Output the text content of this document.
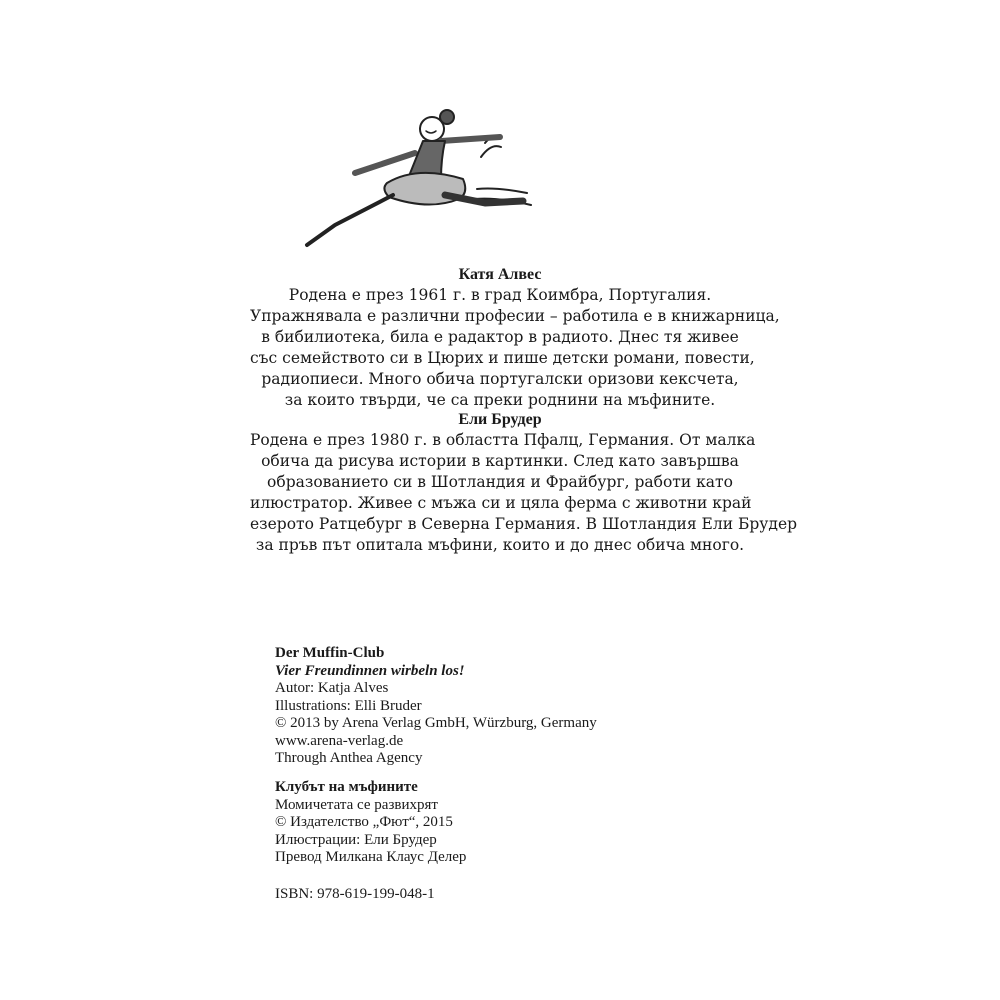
Катя Алвес
Родена е през 1961 г. в град Коимбра, Португалия.
Упражнявала е различни професии – работила е в книжарница,
в бибилиотека, била е радактор в радиото. Днес тя живее
със семейството си в Цюрих и пише детски романи, повести,
радиопиеси. Много обича португалски оризови кексчета,
за които твърди, че са преки роднини на мъфините.
Ели Брудер
Родена е през 1980 г. в областта Пфалц, Германия. От малка
обича да рисува истории в картинки. След като завършва
образованието си в Шотландия и Фрайбург, работи като
илюстратор. Живее с мъжа си и цяла ферма с животни край
езерото Ратцебург в Северна Германия. В Шотландия Ели Брудер
за пръв път опитала мъфини, които и до днес обича много.
Der Muffin-Club
Vier Freundinnen wirbeln los!
Autor: Katja Alves
Illustrations: Elli Bruder
© 2013 by Arena Verlag GmbH, Würzburg, Germany
www.arena-verlag.de
Through Anthea Agency
Клубът на мъфините
Момичетата се развихрят
© Издателство „Фют“, 2015
Илюстрации: Ели Брудер
Превод Милкана Клаус Делер
ISBN: 978-619-199-048-1
